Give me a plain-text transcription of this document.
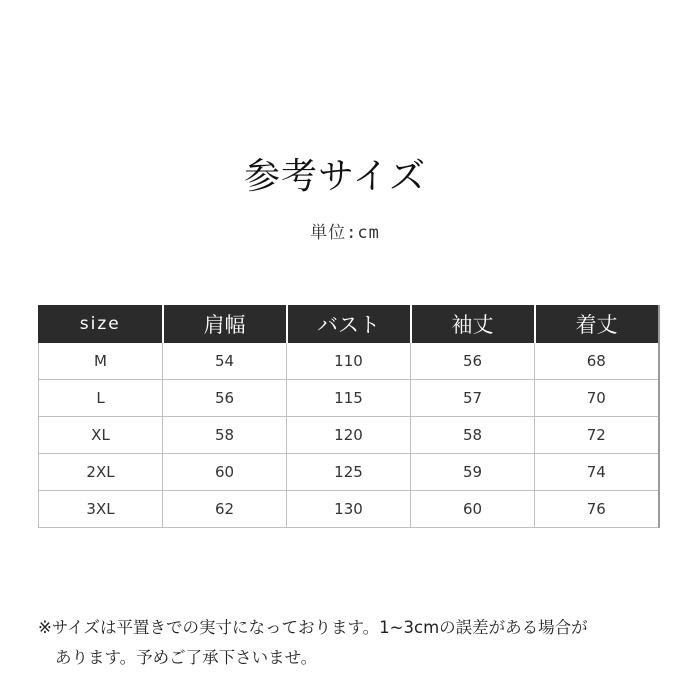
参考サイズ
単位:cm
size	肩幅	バスト	袖丈	着丈
M	54	110	56	68
L	56	115	57	70
XL	58	120	58	72
2XL	60	125	59	74
3XL	62	130	60	76
※サイズは平置きでの実寸になっております。1~3cmの誤差がある場合が
あります。予めご了承下さいませ。
